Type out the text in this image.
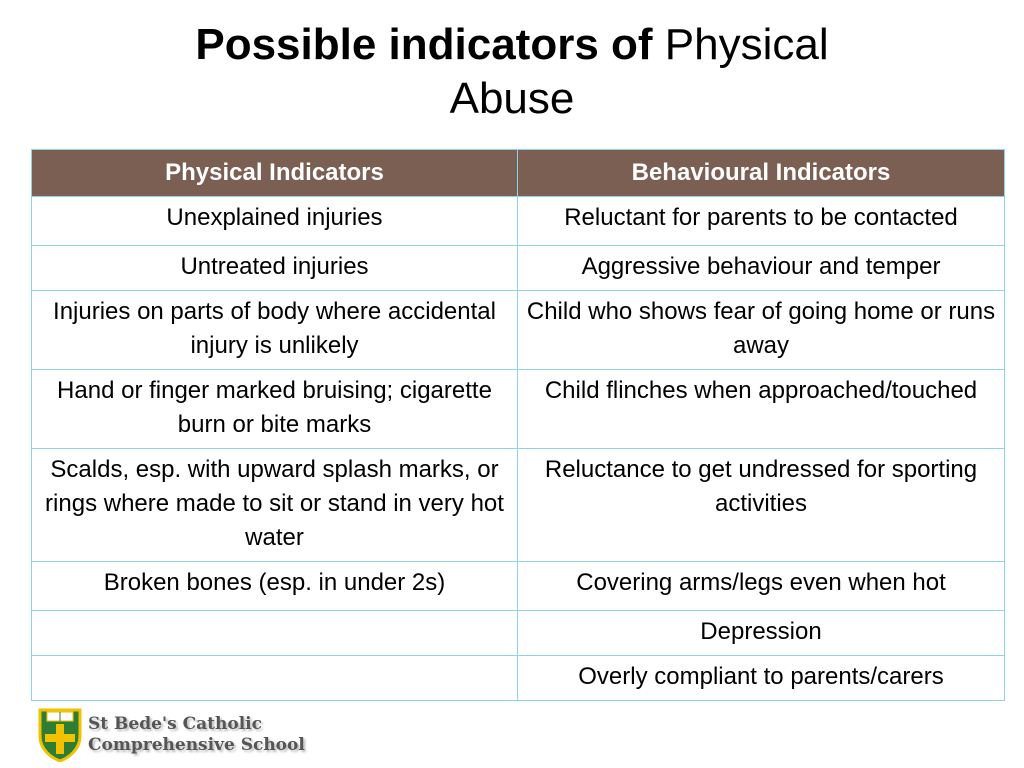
Possible indicators of Physical
Abuse
Physical Indicators	Behavioural Indicators
Unexplained injuries	Reluctant for parents to be contacted
Untreated injuries	Aggressive behaviour and temper
Injuries on parts of body where accidental injury is unlikely	Child who shows fear of going home or runs away
Hand or finger marked bruising; cigarette burn or bite marks	Child flinches when approached/touched
Scalds, esp. with upward splash marks, or rings where made to sit or stand in very hot water	Reluctance to get undressed for sporting activities
Broken bones (esp. in under 2s)	Covering arms/legs even when hot
	Depression
	Overly compliant to parents/carers
St Bede's Catholic
Comprehensive School
